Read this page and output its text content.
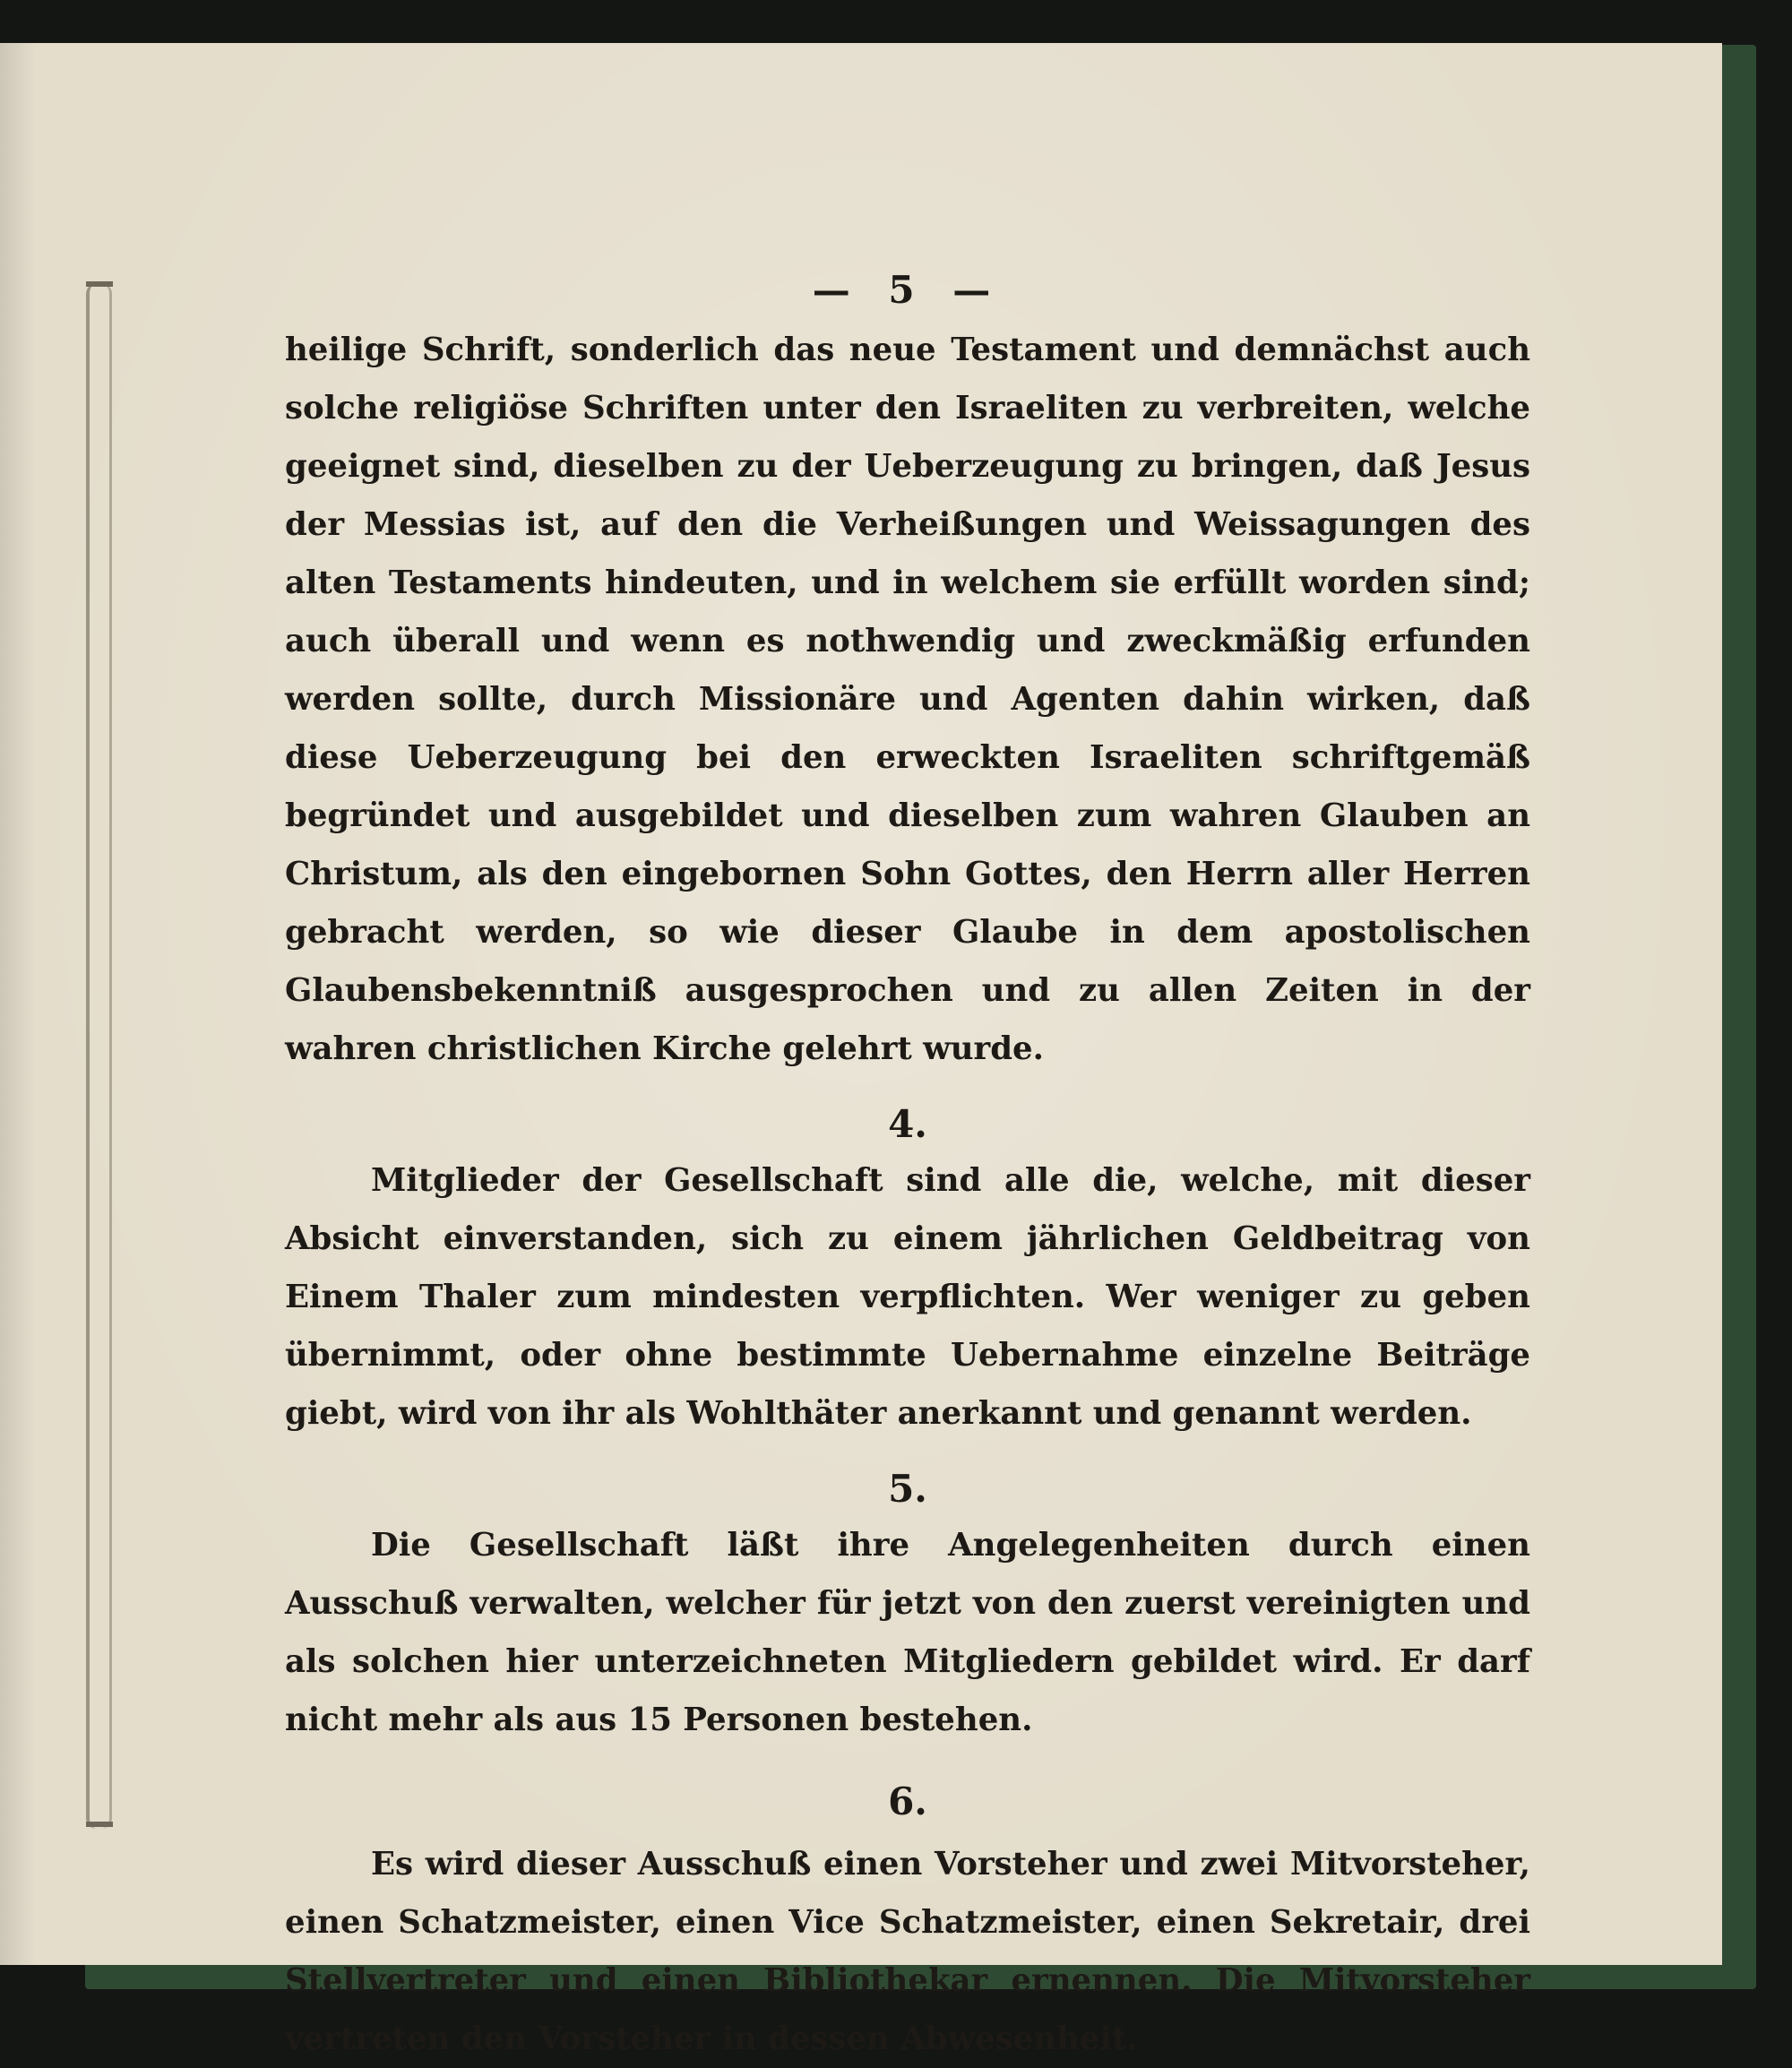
— 5 —

heilige Schrift, sonderlich das neue Testament und demnächst auch solche religiöse Schriften unter den Israeliten zu verbreiten, welche geeignet sind, dieselben zu der Ueberzeugung zu bringen, daß Jesus der Messias ist, auf den die Verheißungen und Weissagungen des alten Testaments hindeuten, und in welchem sie erfüllt worden sind; auch überall und wenn es nothwendig und zweckmäßig erfunden werden sollte, durch Missionäre und Agenten dahin wirken, daß diese Ueberzeugung bei den erweckten Israeliten schriftgemäß begründet und ausgebildet und dieselben zum wahren Glauben an Christum, als den eingebornen Sohn Gottes, den Herrn aller Herren gebracht werden, so wie dieser Glaube in dem apostolischen Glaubensbekenntniß ausgesprochen und zu allen Zeiten in der wahren christlichen Kirche gelehrt wurde.

4.

Mitglieder der Gesellschaft sind alle die, welche, mit dieser Absicht einverstanden, sich zu einem jährlichen Geldbeitrag von Einem Thaler zum mindesten verpflichten. Wer weniger zu geben übernimmt, oder ohne bestimmte Uebernahme einzelne Beiträge giebt, wird von ihr als Wohlthäter anerkannt und genannt werden.

5.

Die Gesellschaft läßt ihre Angelegenheiten durch einen Ausschuß verwalten, welcher für jetzt von den zuerst vereinigten und als solchen hier unterzeichneten Mitgliedern gebildet wird. Er darf nicht mehr als aus 15 Personen bestehen.

6.

Es wird dieser Ausschuß einen Vorsteher und zwei Mitvorsteher, einen Schatzmeister, einen Vice Schatzmeister, einen Sekretair, drei Stellvertreter und einen Bibliothekar ernennen. Die Mitvorsteher vertreten den Vorsteher in dessen Abwesenheit.
